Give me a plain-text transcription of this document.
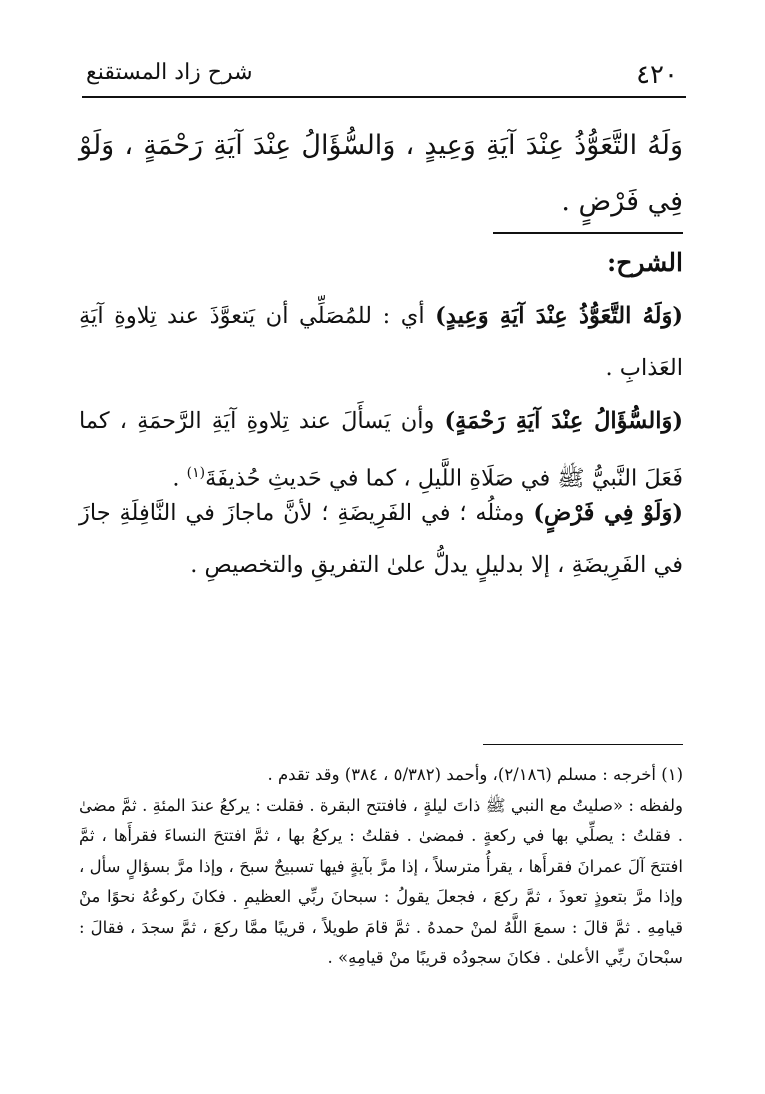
٤٢٠
شرح زاد المستقنع
وَلَهُ التَّعَوُّذُ عِنْدَ آيَةِ وَعِيدٍ ، وَالسُّؤَالُ عِنْدَ آيَةِ رَحْمَةٍ ، وَلَوْ فِي فَرْضٍ .
الشرح:
(وَلَهُ التَّعَوُّذُ عِنْدَ آيَةِ وَعِيدٍ) أي : للمُصَلِّي أن يَتعوَّذَ عند تِلاوةِ آيَةِ العَذابِ .
(وَالسُّؤَالُ عِنْدَ آيَةِ رَحْمَةٍ) وأن يَسأَلَ عند تِلاوةِ آيَةِ الرَّحمَةِ ، كما فَعَلَ النَّبيُّ ﷺ في صَلَاةِ اللَّيلِ ، كما في حَديثِ حُذيفَةَ$^{(١)}$ .
(وَلَوْ فِي فَرْضٍ) ومثلُه ؛ في الفَرِيضَةِ ؛ لأنَّ ماجازَ في النَّافِلَةِ جازَ في الفَرِيضَةِ ، إلا بدليلٍ يدلُّ علىٰ التفريقِ والتخصيصِ .

(١) أخرجه : مسلم (٢/١٨٦)، وأحمد (٥/٣٨٢ ، ٣٨٤) وقد تقدم .

ولفظه : «صليتُ مع النبي ﷺ ذاتَ ليلةٍ ، فافتتح البقرة . فقلت : يركعُ عندَ المئةِ . ثمَّ مضىٰ . فقلتُ : يصلِّي بها في ركعةٍ . فمضىٰ . فقلتُ : يركعُ بها ، ثمَّ افتتحَ النساءَ فقرأَها ، ثمَّ افتتحَ آلَ عمرانَ فقرأَها ، يقرأُ مترسلاً ، إذا مرَّ بآيةٍ فيها تسبيحٌ سبحَ ، وإذا مرَّ بسؤالٍ سأل ، وإذا مرَّ بتعوذٍ تعوذَ ، ثمَّ ركعَ ، فجعلَ يقولُ : سبحانَ ربِّي العظيمِ . فكانَ ركوعُهُ نحوًا منْ قيامِهِ . ثمَّ قالَ : سمعَ اللَّهُ لمنْ حمدهُ . ثمَّ قامَ طويلاً ، قريبًا ممَّا ركعَ ، ثمَّ سجدَ ، فقالَ : سبْحانَ ربِّي الأعلىٰ . فكانَ سجودُه قريبًا منْ قيامِهِ» .
